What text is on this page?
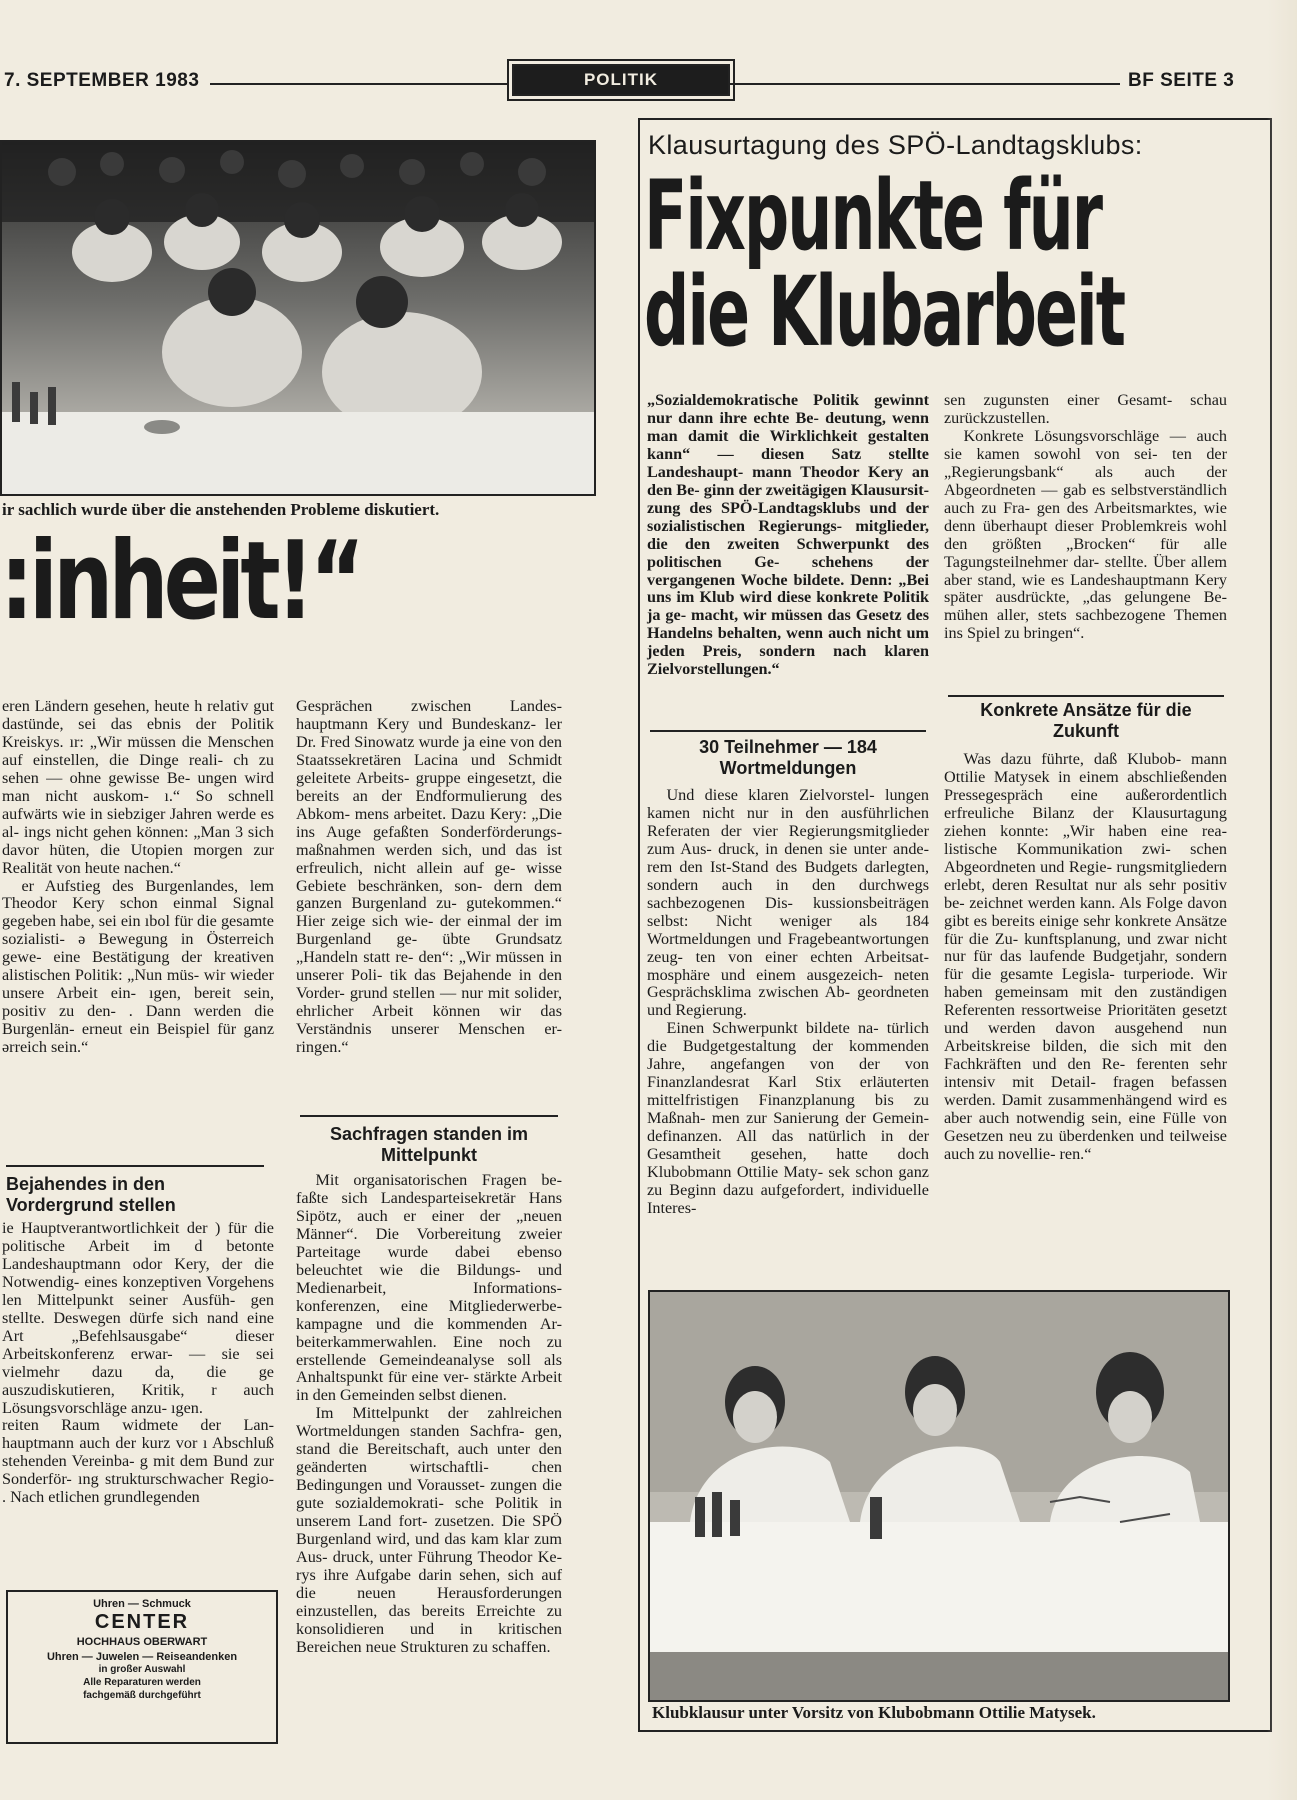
7. SEPTEMBER 1983	POLITIK	BF SEITE 3
ir sachlich wurde über die anstehenden Probleme diskutiert.
:inheit!“

eren Ländern gesehen, heute h relativ gut dastünde, sei das ebnis der Politik Kreiskys. ır: „Wir müssen die Menschen auf einstellen, die Dinge reali- ch zu sehen — ohne gewisse Be- ungen wird man nicht auskom- ı.“ So schnell aufwärts wie in siebziger Jahren werde es al- ings nicht gehen können: „Man 3 sich davor hüten, die Utopien morgen zur Realität von heute nachen.“

er Aufstieg des Burgenlandes, lem Theodor Kery schon einmal Signal gegeben habe, sei ein ıbol für die gesamte sozialisti- ə Bewegung in Österreich gewe- eine Bestätigung der kreativen alistischen Politik: „Nun müs- wir wieder unsere Arbeit ein- ıgen, bereit sein, positiv zu den- . Dann werden die Burgenlän- erneut ein Beispiel für ganz ərreich sein.“

Bejahendes in den Vordergrund stellen

ie Hauptverantwortlichkeit der ) für die politische Arbeit im d betonte Landeshauptmann odor Kery, der die Notwendig- eines konzeptiven Vorgehens len Mittelpunkt seiner Ausfüh- gen stellte. Deswegen dürfe sich nand eine Art „Befehlsausgabe“ dieser Arbeitskonferenz erwar- — sie sei vielmehr dazu da, die ge auszudiskutieren, Kritik, r auch Lösungsvorschläge anzu- ıgen.

reiten Raum widmete der Lan- hauptmann auch der kurz vor ı Abschluß stehenden Vereinba- g mit dem Bund zur Sonderför- ıng strukturschwacher Regio- . Nach etlichen grundlegenden

Uhren — Schmuck
CENTER
HOCHHAUS OBERWART
Uhren — Juwelen — Reiseandenken
in großer Auswahl
Alle Reparaturen werden
fachgemäß durchgeführt

Gesprächen zwischen Landes- hauptmann Kery und Bundeskanz- ler Dr. Fred Sinowatz wurde ja eine von den Staatssekretären Lacina und Schmidt geleitete Arbeits- gruppe eingesetzt, die bereits an der Endformulierung des Abkom- mens arbeitet. Dazu Kery: „Die ins Auge gefaßten Sonderförderungs- maßnahmen werden sich, und das ist erfreulich, nicht allein auf ge- wisse Gebiete beschränken, son- dern dem ganzen Burgenland zu- gutekommen.“ Hier zeige sich wie- der einmal der im Burgenland ge- übte Grundsatz „Handeln statt re- den“: „Wir müssen in unserer Poli- tik das Bejahende in den Vorder- grund stellen — nur mit solider, ehrlicher Arbeit können wir das Verständnis unserer Menschen er- ringen.“

Sachfragen standen im Mittelpunkt

Mit organisatorischen Fragen be- faßte sich Landesparteisekretär Hans Sipötz, auch er einer der „neuen Männer“. Die Vorbereitung zweier Parteitage wurde dabei ebenso beleuchtet wie die Bildungs- und Medienarbeit, Informations- konferenzen, eine Mitgliederwerbe- kampagne und die kommenden Ar- beiterkammerwahlen. Eine noch zu erstellende Gemeindeanalyse soll als Anhaltspunkt für eine ver- stärkte Arbeit in den Gemeinden selbst dienen.

Im Mittelpunkt der zahlreichen Wortmeldungen standen Sachfra- gen, stand die Bereitschaft, auch unter den geänderten wirtschaftli- chen Bedingungen und Vorausset- zungen die gute sozialdemokrati- sche Politik in unserem Land fort- zusetzen. Die SPÖ Burgenland wird, und das kam klar zum Aus- druck, unter Führung Theodor Ke- rys ihre Aufgabe darin sehen, sich auf die neuen Herausforderungen einzustellen, das bereits Erreichte zu konsolidieren und in kritischen Bereichen neue Strukturen zu schaffen.

Klausurtagung des SPÖ-Landtagsklubs:
Fixpunkte für
die Klubarbeit
„Sozialdemokratische Politik gewinnt nur dann ihre echte Be- deutung, wenn man damit die Wirklichkeit gestalten kann“ — diesen Satz stellte Landeshaupt- mann Theodor Kery an den Be- ginn der zweitägigen Klausursit- zung des SPÖ-Landtagsklubs und der sozialistischen Regierungs- mitglieder, die den zweiten Schwerpunkt des politischen Ge- schehens der vergangenen Woche bildete. Denn: „Bei uns im Klub wird diese konkrete Politik ja ge- macht, wir müssen das Gesetz des Handelns behalten, wenn auch nicht um jeden Preis, sondern nach klaren Zielvorstellungen.“
30 Teilnehmer — 184 Wortmeldungen

Und diese klaren Zielvorstel- lungen kamen nicht nur in den ausführlichen Referaten der vier Regierungsmitglieder zum Aus- druck, in denen sie unter ande- rem den Ist-Stand des Budgets darlegten, sondern auch in den durchwegs sachbezogenen Dis- kussionsbeiträgen selbst: Nicht weniger als 184 Wortmeldungen und Fragebeantwortungen zeug- ten von einer echten Arbeitsat- mosphäre und einem ausgezeich- neten Gesprächsklima zwischen Ab- geordneten und Regierung.

Einen Schwerpunkt bildete na- türlich die Budgetgestaltung der kommenden Jahre, angefangen von der von Finanzlandesrat Karl Stix erläuterten mittelfristigen Finanzplanung bis zu Maßnah- men zur Sanierung der Gemein- definanzen. All das natürlich in der Gesamtheit gesehen, hatte doch Klubobmann Ottilie Maty- sek schon ganz zu Beginn dazu aufgefordert, individuelle Interes-

sen zugunsten einer Gesamt- schau zurückzustellen.

Konkrete Lösungsvorschläge — auch sie kamen sowohl von sei- ten der „Regierungsbank“ als auch der Abgeordneten — gab es selbstverständlich auch zu Fra- gen des Arbeitsmarktes, wie denn überhaupt dieser Problemkreis wohl den größten „Brocken“ für alle Tagungsteilnehmer dar- stellte. Über allem aber stand, wie es Landeshauptmann Kery später ausdrückte, „das gelungene Be- mühen aller, stets sachbezogene Themen ins Spiel zu bringen“.

Konkrete Ansätze für die Zukunft

Was dazu führte, daß Klubob- mann Ottilie Matysek in einem abschließenden Pressegespräch eine außerordentlich erfreuliche Bilanz der Klausurtagung ziehen konnte: „Wir haben eine rea- listische Kommunikation zwi- schen Abgeordneten und Regie- rungsmitgliedern erlebt, deren Resultat nur als sehr positiv be- zeichnet werden kann. Als Folge davon gibt es bereits einige sehr konkrete Ansätze für die Zu- kunftsplanung, und zwar nicht nur für das laufende Budgetjahr, sondern für die gesamte Legisla- turperiode. Wir haben gemeinsam mit den zuständigen Referenten ressortweise Prioritäten gesetzt und werden davon ausgehend nun Arbeitskreise bilden, die sich mit den Fachkräften und den Re- ferenten sehr intensiv mit Detail- fragen befassen werden. Damit zusammenhängend wird es aber auch notwendig sein, eine Fülle von Gesetzen neu zu überdenken und teilweise auch zu novellie- ren.“

Klubklausur unter Vorsitz von Klubobmann Ottilie Matysek.
